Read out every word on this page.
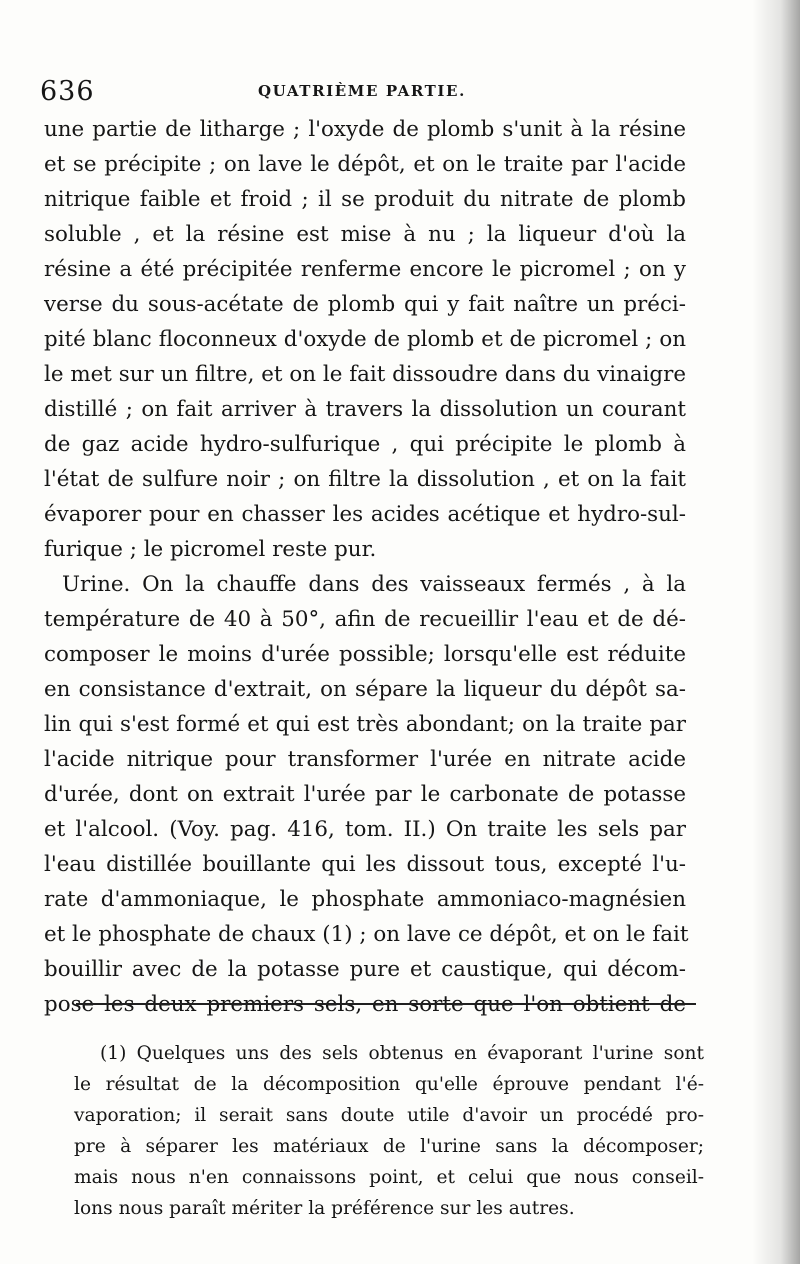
636	QUATRIÈME PARTIE.
une partie de litharge ; l'oxyde de plomb s'unit à la résine
et se précipite ; on lave le dépôt, et on le traite par l'acide
nitrique faible et froid ; il se produit du nitrate de plomb
soluble , et la résine est mise à nu ; la liqueur d'où la
résine a été précipitée renferme encore le picromel ; on y
verse du sous-acétate de plomb qui y fait naître un préci-
pité blanc floconneux d'oxyde de plomb et de picromel ; on
le met sur un filtre, et on le fait dissoudre dans du vinaigre
distillé ; on fait arriver à travers la dissolution un courant
de gaz acide hydro-sulfurique , qui précipite le plomb à
l'état de sulfure noir ; on filtre la dissolution , et on la fait
évaporer pour en chasser les acides acétique et hydro-sul-
furique ; le picromel reste pur.
Urine. On la chauffe dans des vaisseaux fermés , à la
température de 40 à 50°, afin de recueillir l'eau et de dé-
composer le moins d'urée possible; lorsqu'elle est réduite
en consistance d'extrait, on sépare la liqueur du dépôt sa-
lin qui s'est formé et qui est très abondant; on la traite par
l'acide nitrique pour transformer l'urée en nitrate acide
d'urée, dont on extrait l'urée par le carbonate de potasse
et l'alcool. (Voy. pag. 416, tom. II.) On traite les sels par
l'eau distillée bouillante qui les dissout tous, excepté l'u-
rate d'ammoniaque, le phosphate ammoniaco-magnésien
et le phosphate de chaux (1) ; on lave ce dépôt, et on le fait
bouillir avec de la potasse pure et caustique, qui décom-
pose les deux premiers sels, en sorte que l'on obtient de
(1) Quelques uns des sels obtenus en évaporant l'urine sont
le résultat de la décomposition qu'elle éprouve pendant l'é-
vaporation; il serait sans doute utile d'avoir un procédé pro-
pre à séparer les matériaux de l'urine sans la décomposer;
mais nous n'en connaissons point, et celui que nous conseil-
lons nous paraît mériter la préférence sur les autres.
